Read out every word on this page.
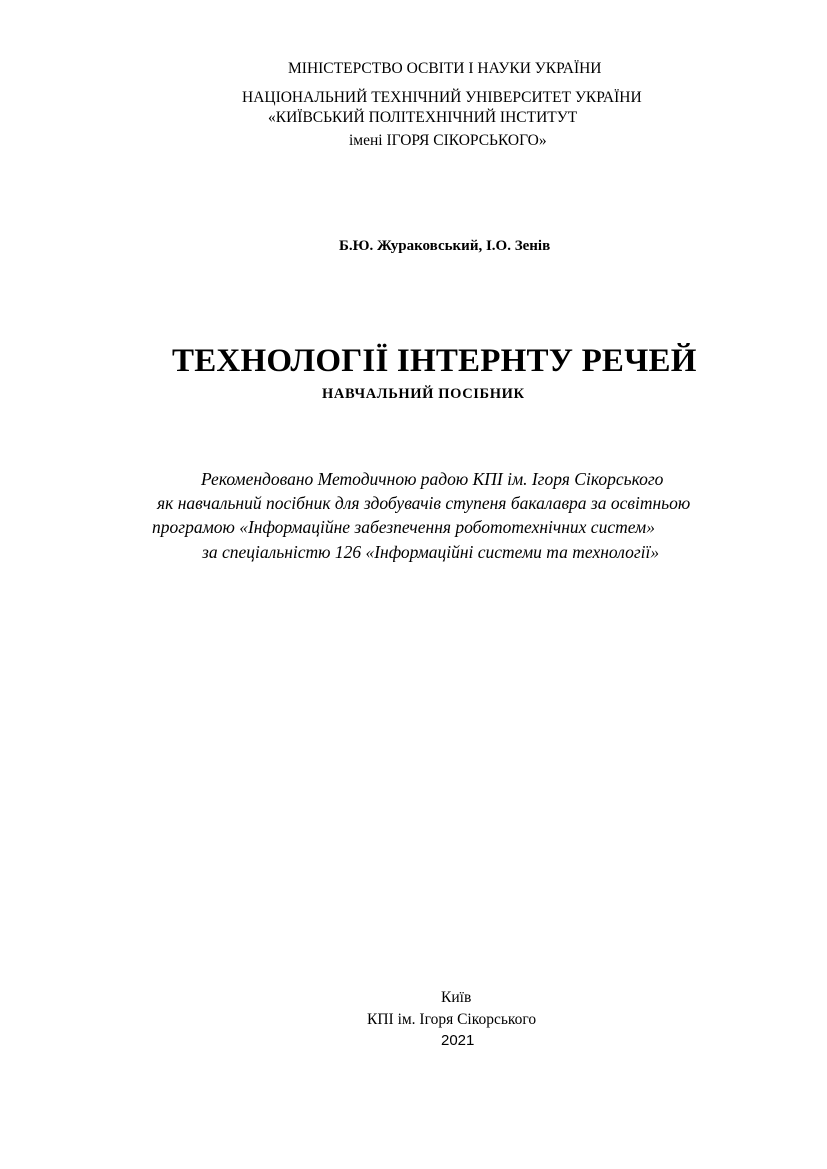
МІНІСТЕРСТВО ОСВІТИ І НАУКИ УКРАЇНИ

НАЦІОНАЛЬНИЙ ТЕХНІЧНИЙ УНІВЕРСИТЕТ УКРАЇНИ

«КИЇВСЬКИЙ ПОЛІТЕХНІЧНИЙ ІНСТИТУТ

імені ІГОРЯ СІКОРСЬКОГО»

Б.Ю. Жураковський, І.О. Зенів

ТЕХНОЛОГІЇ ІНТЕРНТУ РЕЧЕЙ

НАВЧАЛЬНИЙ ПОСІБНИК

Рекомендовано Методичною радою КПІ ім. Ігоря Сікорського

як навчальний посібник для здобувачів ступеня бакалавра за освітньою

програмою «Інформаційне забезпечення робототехнічних систем»

за спеціальністю 126 «Інформаційні системи та технології»

Київ

КПІ ім. Ігоря Сікорського

2021
